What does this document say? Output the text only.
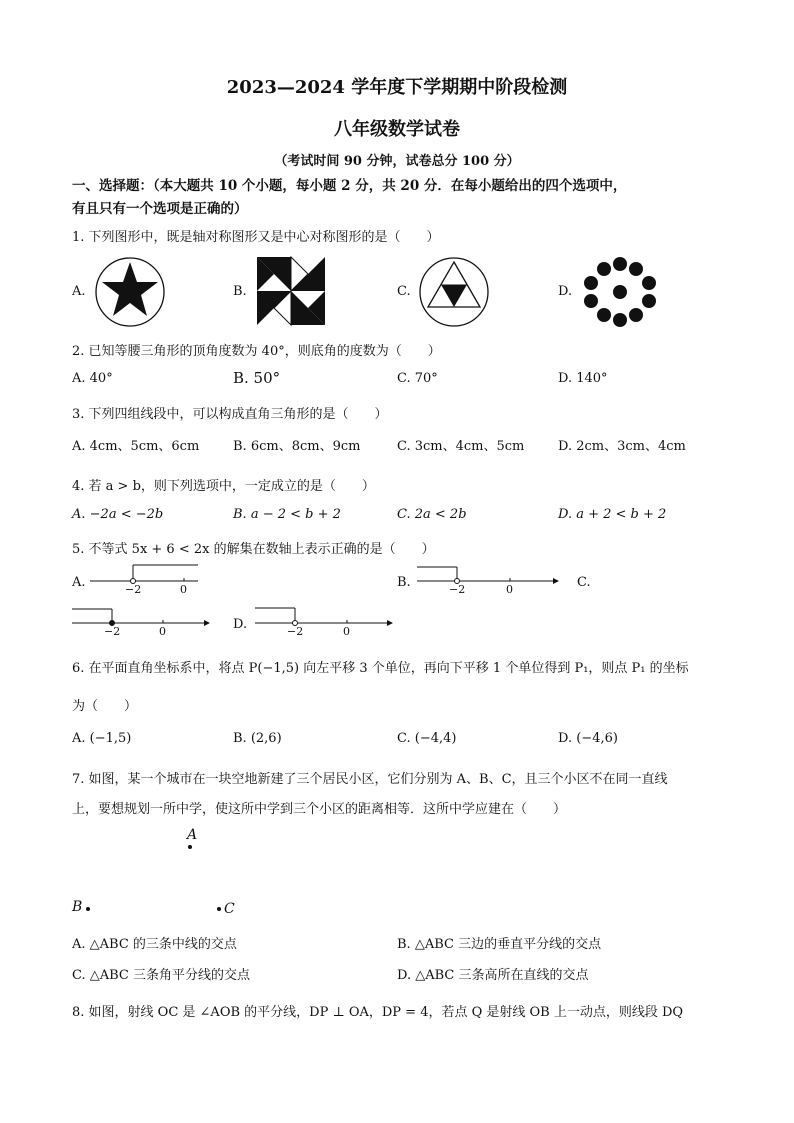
2023—2024 学年度下学期期中阶段检测
八年级数学试卷
（考试时间 90 分钟，试卷总分 100 分）
一、选择题：（本大题共 10 个小题，每小题 2 分，共 20 分．在每小题给出的四个选项中，
有且只有一个选项是正确的）
1. 下列图形中，既是轴对称图形又是中心对称图形的是（　　）
A.	B.	C.	D.
2. 已知等腰三角形的顶角度数为 40°，则底角的度数为（　　）
A. 40°	B. 50°	C. 70°	D. 140°
3. 下列四组线段中，可以构成直角三角形的是（　　）
A. 4cm、5cm、6cm	B. 6cm、8cm、9cm	C. 3cm、4cm、5cm	D. 2cm、3cm、4cm
4. 若 a > b，则下列选项中，一定成立的是（　　）
A. −2a < −2b	B. a − 2 < b + 2	C. 2a < 2b	D. a + 2 < b + 2
5. 不等式 5x + 6 < 2x 的解集在数轴上表示正确的是（　　）
A.	B.	C.
D.
−2	0	−2	0
−2	0	−2	0
6. 在平面直角坐标系中，将点 P(−1,5) 向左平移 3 个单位，再向下平移 1 个单位得到 P₁，则点 P₁ 的坐标
为（　　）
A. (−1,5)	B. (2,6)	C. (−4,4)	D. (−4,6)
7. 如图，某一个城市在一块空地新建了三个居民小区，它们分别为 A、B、C，且三个小区不在同一直线
上，要想规划一所中学，使这所中学到三个小区的距离相等．这所中学应建在（　　）
A
B	C
A. △ABC 的三条中线的交点	B. △ABC 三边的垂直平分线的交点
C. △ABC 三条角平分线的交点	D. △ABC 三条高所在直线的交点
8. 如图，射线 OC 是 ∠AOB 的平分线，DP ⊥ OA，DP = 4，若点 Q 是射线 OB 上一动点，则线段 DQ
